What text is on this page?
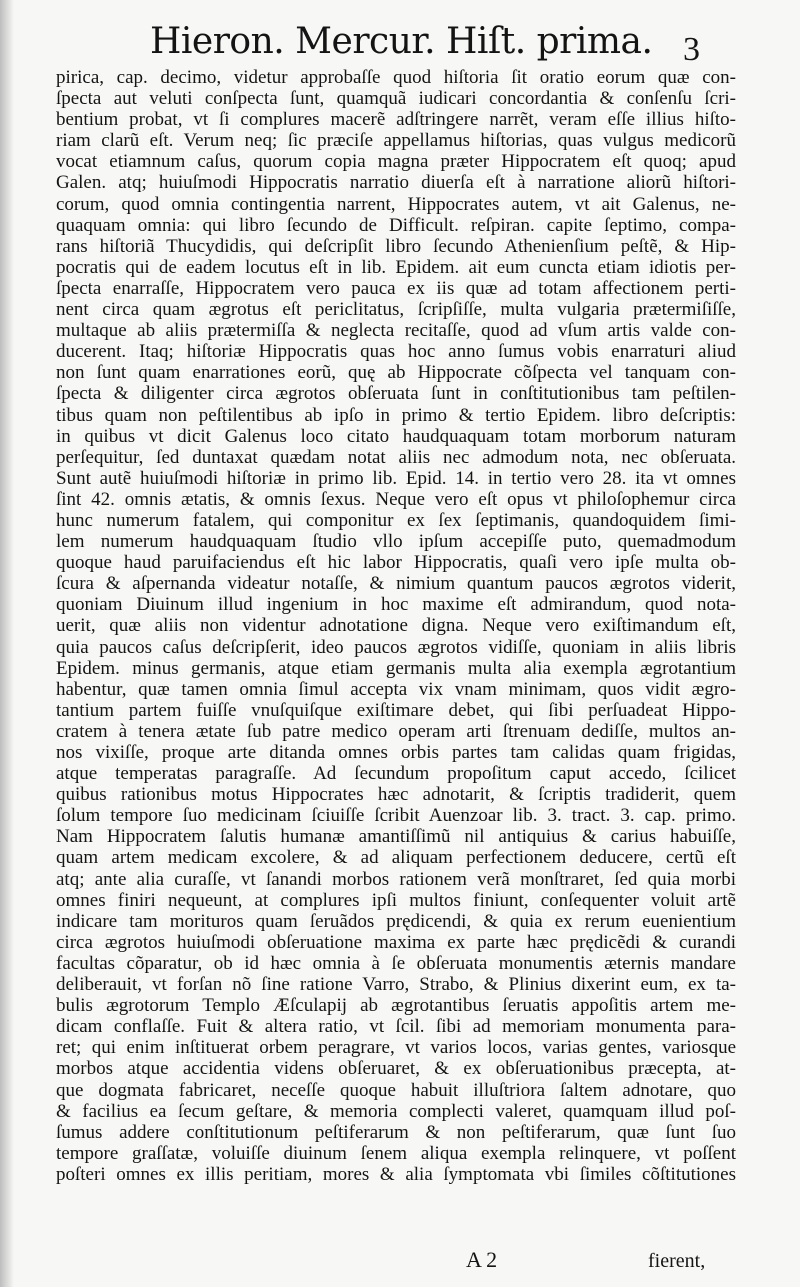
Hieron. Mercur. Hiſt. prima. 3
pirica, cap. decimo, videtur approbaſſe quod hiſtoria ſit oratio eorum quæ con-
ſpecta aut veluti conſpecta ſunt, quamquã iudicari concordantia & conſenſu ſcri-
bentium probat, vt ſi complures macerẽ adſtringere narrẽt, veram eſſe illius hiſto-
riam clarũ eſt. Verum neq; ſic præciſe appellamus hiſtorias, quas vulgus medicorũ
vocat etiamnum caſus, quorum copia magna præter Hippocratem eſt quoq; apud
Galen. atq; huiuſmodi Hippocratis narratio diuerſa eſt à narratione aliorũ hiſtori-
corum, quod omnia contingentia narrent, Hippocrates autem, vt ait Galenus, ne-
quaquam omnia: qui libro ſecundo de Difficult. reſpiran. capite ſeptimo, compa-
rans hiſtoriã Thucydidis, qui deſcripſit libro ſecundo Athenienſium peſtẽ, & Hip-
pocratis qui de eadem locutus eſt in lib. Epidem. ait eum cuncta etiam idiotis per-
ſpecta enarraſſe, Hippocratem vero pauca ex iis quæ ad totam affectionem perti-
nent circa quam ægrotus eſt periclitatus, ſcripſiſſe, multa vulgaria prætermiſiſſe,
multaque ab aliis prætermiſſa & neglecta recitaſſe, quod ad vſum artis valde con-
ducerent. Itaq; hiſtoriæ Hippocratis quas hoc anno ſumus vobis enarraturi aliud
non ſunt quam enarrationes eorũ, quę ab Hippocrate cõſpecta vel tanquam con-
ſpecta & diligenter circa ægrotos obſeruata ſunt in conſtitutionibus tam peſtilen-
tibus quam non peſtilentibus ab ipſo in primo & tertio Epidem. libro deſcriptis:
in quibus vt dicit Galenus loco citato haudquaquam totam morborum naturam
perſequitur, ſed duntaxat quædam notat aliis nec admodum nota, nec obſeruata.
Sunt autẽ huiuſmodi hiſtoriæ in primo lib. Epid. 14. in tertio vero 28. ita vt omnes
ſint 42. omnis ætatis, & omnis ſexus. Neque vero eſt opus vt philoſophemur circa
hunc numerum fatalem, qui componitur ex ſex ſeptimanis, quandoquidem ſimi-
lem numerum haudquaquam ſtudio vllo ipſum accepiſſe puto, quemadmodum
quoque haud paruifaciendus eſt hic labor Hippocratis, quaſi vero ipſe multa ob-
ſcura & aſpernanda videatur notaſſe, & nimium quantum paucos ægrotos viderit,
quoniam Diuinum illud ingenium in hoc maxime eſt admirandum, quod nota-
uerit, quæ aliis non videntur adnotatione digna. Neque vero exiſtimandum eſt,
quia paucos caſus deſcripſerit, ideo paucos ægrotos vidiſſe, quoniam in aliis libris
Epidem. minus germanis, atque etiam germanis multa alia exempla ægrotantium
habentur, quæ tamen omnia ſimul accepta vix vnam minimam, quos vidit ægro-
tantium partem fuiſſe vnuſquiſque exiſtimare debet, qui ſibi perſuadeat Hippo-
cratem à tenera ætate ſub patre medico operam arti ſtrenuam dediſſe, multos an-
nos vixiſſe, proque arte ditanda omnes orbis partes tam calidas quam frigidas,
atque temperatas paragraſſe. Ad ſecundum propoſitum caput accedo, ſcilicet
quibus rationibus motus Hippocrates hæc adnotarit, & ſcriptis tradiderit, quem
ſolum tempore ſuo medicinam ſciuiſſe ſcribit Auenzoar lib. 3. tract. 3. cap. primo.
Nam Hippocratem ſalutis humanæ amantiſſimũ nil antiquius & carius habuiſſe,
quam artem medicam excolere, & ad aliquam perfectionem deducere, certũ eſt
atq; ante alia curaſſe, vt ſanandi morbos rationem verã monſtraret, ſed quia morbi
omnes finiri nequeunt, at complures ipſi multos finiunt, conſequenter voluit artẽ
indicare tam morituros quam ſeruãdos prędicendi, & quia ex rerum euenientium
circa ægrotos huiuſmodi obſeruatione maxima ex parte hæc prędicẽdi & curandi
facultas cõparatur, ob id hæc omnia à ſe obſeruata monumentis æternis mandare
deliberauit, vt forſan nõ ſine ratione Varro, Strabo, & Plinius dixerint eum, ex ta-
bulis ægrotorum Templo Æſculapij ab ægrotantibus ſeruatis appoſitis artem me-
dicam conflaſſe. Fuit & altera ratio, vt ſcil. ſibi ad memoriam monumenta para-
ret; qui enim inſtituerat orbem peragrare, vt varios locos, varias gentes, variosque
morbos atque accidentia videns obſeruaret, & ex obſeruationibus præcepta, at-
que dogmata fabricaret, neceſſe quoque habuit illuſtriora ſaltem adnotare, quo
& facilius ea ſecum geſtare, & memoria complecti valeret, quamquam illud poſ-
ſumus addere conſtitutionum peſtiferarum & non peſtiferarum, quæ ſunt ſuo
tempore graſſatæ, voluiſſe diuinum ſenem aliqua exempla relinquere, vt poſſent
poſteri omnes ex illis peritiam, mores & alia ſymptomata vbi ſimiles cõſtitutiones
A 2	fierent,
